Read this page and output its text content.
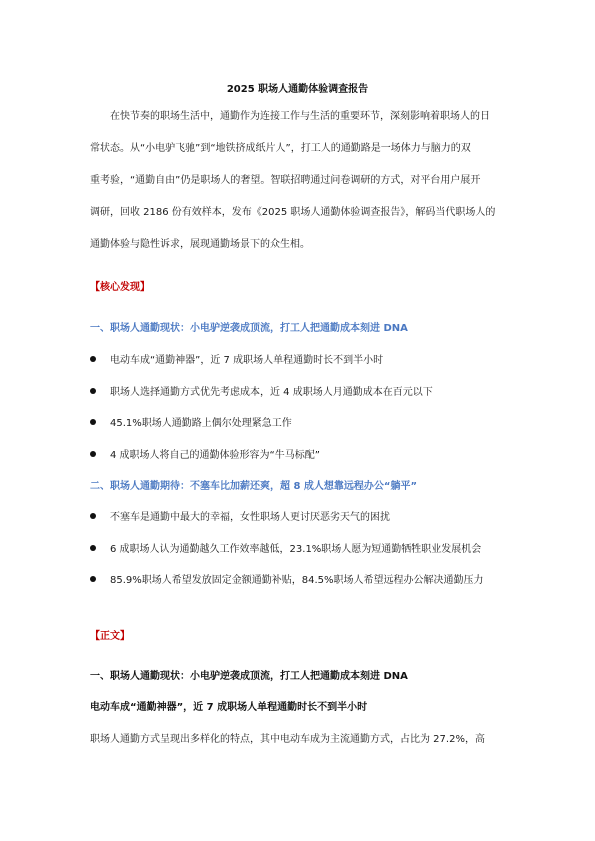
2025 职场人通勤体验调查报告
在快节奏的职场生活中，通勤作为连接工作与生活的重要环节，深刻影响着职场人的日
常状态。从“小电驴飞驰”到“地铁挤成纸片人”，打工人的通勤路是一场体力与脑力的双
重考验，“通勤自由”仍是职场人的奢望。智联招聘通过问卷调研的方式，对平台用户展开
调研，回收 2186 份有效样本，发布《2025 职场人通勤体验调查报告》，解码当代职场人的
通勤体验与隐性诉求，展现通勤场景下的众生相。
【核心发现】
一、职场人通勤现状：小电驴逆袭成顶流，打工人把通勤成本刻进 DNA
电动车成“通勤神器”，近 7 成职场人单程通勤时长不到半小时
职场人选择通勤方式优先考虑成本，近 4 成职场人月通勤成本在百元以下
45.1%职场人通勤路上偶尔处理紧急工作
4 成职场人将自己的通勤体验形容为“牛马标配”
二、职场人通勤期待：不塞车比加薪还爽，超 8 成人想靠远程办公“躺平”
不塞车是通勤中最大的幸福，女性职场人更讨厌恶劣天气的困扰
6 成职场人认为通勤越久工作效率越低，23.1%职场人愿为短通勤牺牲职业发展机会
85.9%职场人希望发放固定金额通勤补贴，84.5%职场人希望远程办公解决通勤压力
【正文】
一、职场人通勤现状：小电驴逆袭成顶流，打工人把通勤成本刻进 DNA
电动车成“通勤神器”，近 7 成职场人单程通勤时长不到半小时
职场人通勤方式呈现出多样化的特点，其中电动车成为主流通勤方式，占比为 27.2%，高
